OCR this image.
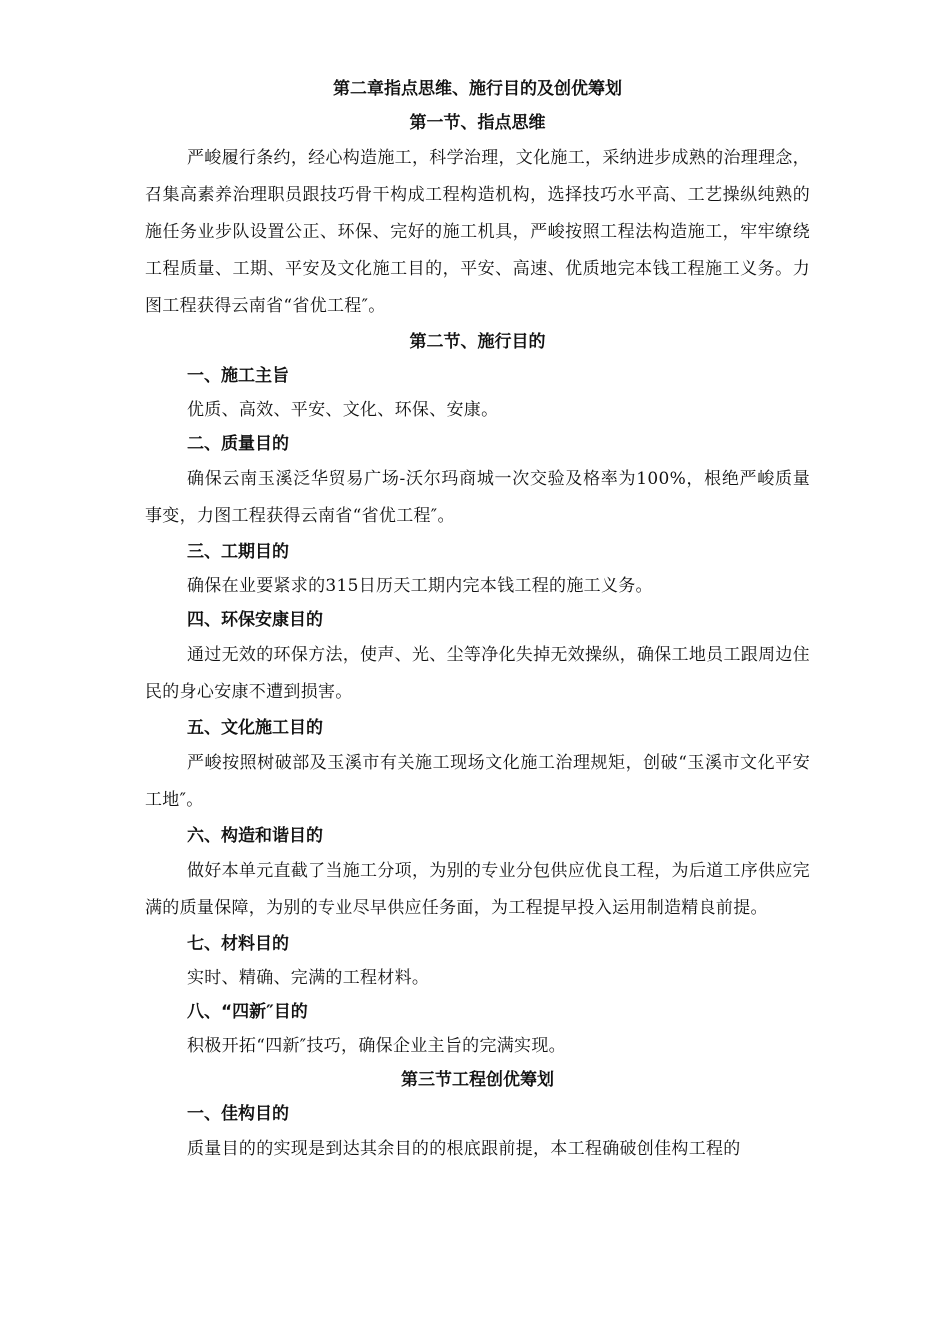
第二章指点思维、施行目的及创优筹划
第一节、指点思维

严峻履行条约，经心构造施工，科学治理，文化施工，采纳进步成熟的治理理念，召集高素养治理职员跟技巧骨干构成工程构造机构，选择技巧水平高、工艺操纵纯熟的施任务业步队设置公正、环保、完好的施工机具，严峻按照工程法构造施工，牢牢缭绕工程质量、工期、平安及文化施工目的，平安、高速、优质地完本钱工程施工义务。力图工程获得云南省“省优工程″。

第二节、施行目的
一、施工主旨

优质、高效、平安、文化、环保、安康。

二、质量目的

确保云南玉溪泛华贸易广场-沃尔玛商城一次交验及格率为100%，根绝严峻质量事变，力图工程获得云南省“省优工程″。

三、工期目的

确保在业要紧求的315日历天工期内完本钱工程的施工义务。

四、环保安康目的

通过无效的环保方法，使声、光、尘等净化失掉无效操纵，确保工地员工跟周边住民的身心安康不遭到损害。

五、文化施工目的

严峻按照树破部及玉溪市有关施工现场文化施工治理规矩，创破“玉溪市文化平安工地″。

六、构造和谐目的

做好本单元直截了当施工分项，为别的专业分包供应优良工程，为后道工序供应完满的质量保障，为别的专业尽早供应任务面，为工程提早投入运用制造精良前提。

七、材料目的

实时、精确、完满的工程材料。

八、“四新″目的

积极开拓“四新″技巧，确保企业主旨的完满实现。

第三节工程创优筹划
一、佳构目的

质量目的的实现是到达其余目的的根底跟前提，本工程确破创佳构工程的
